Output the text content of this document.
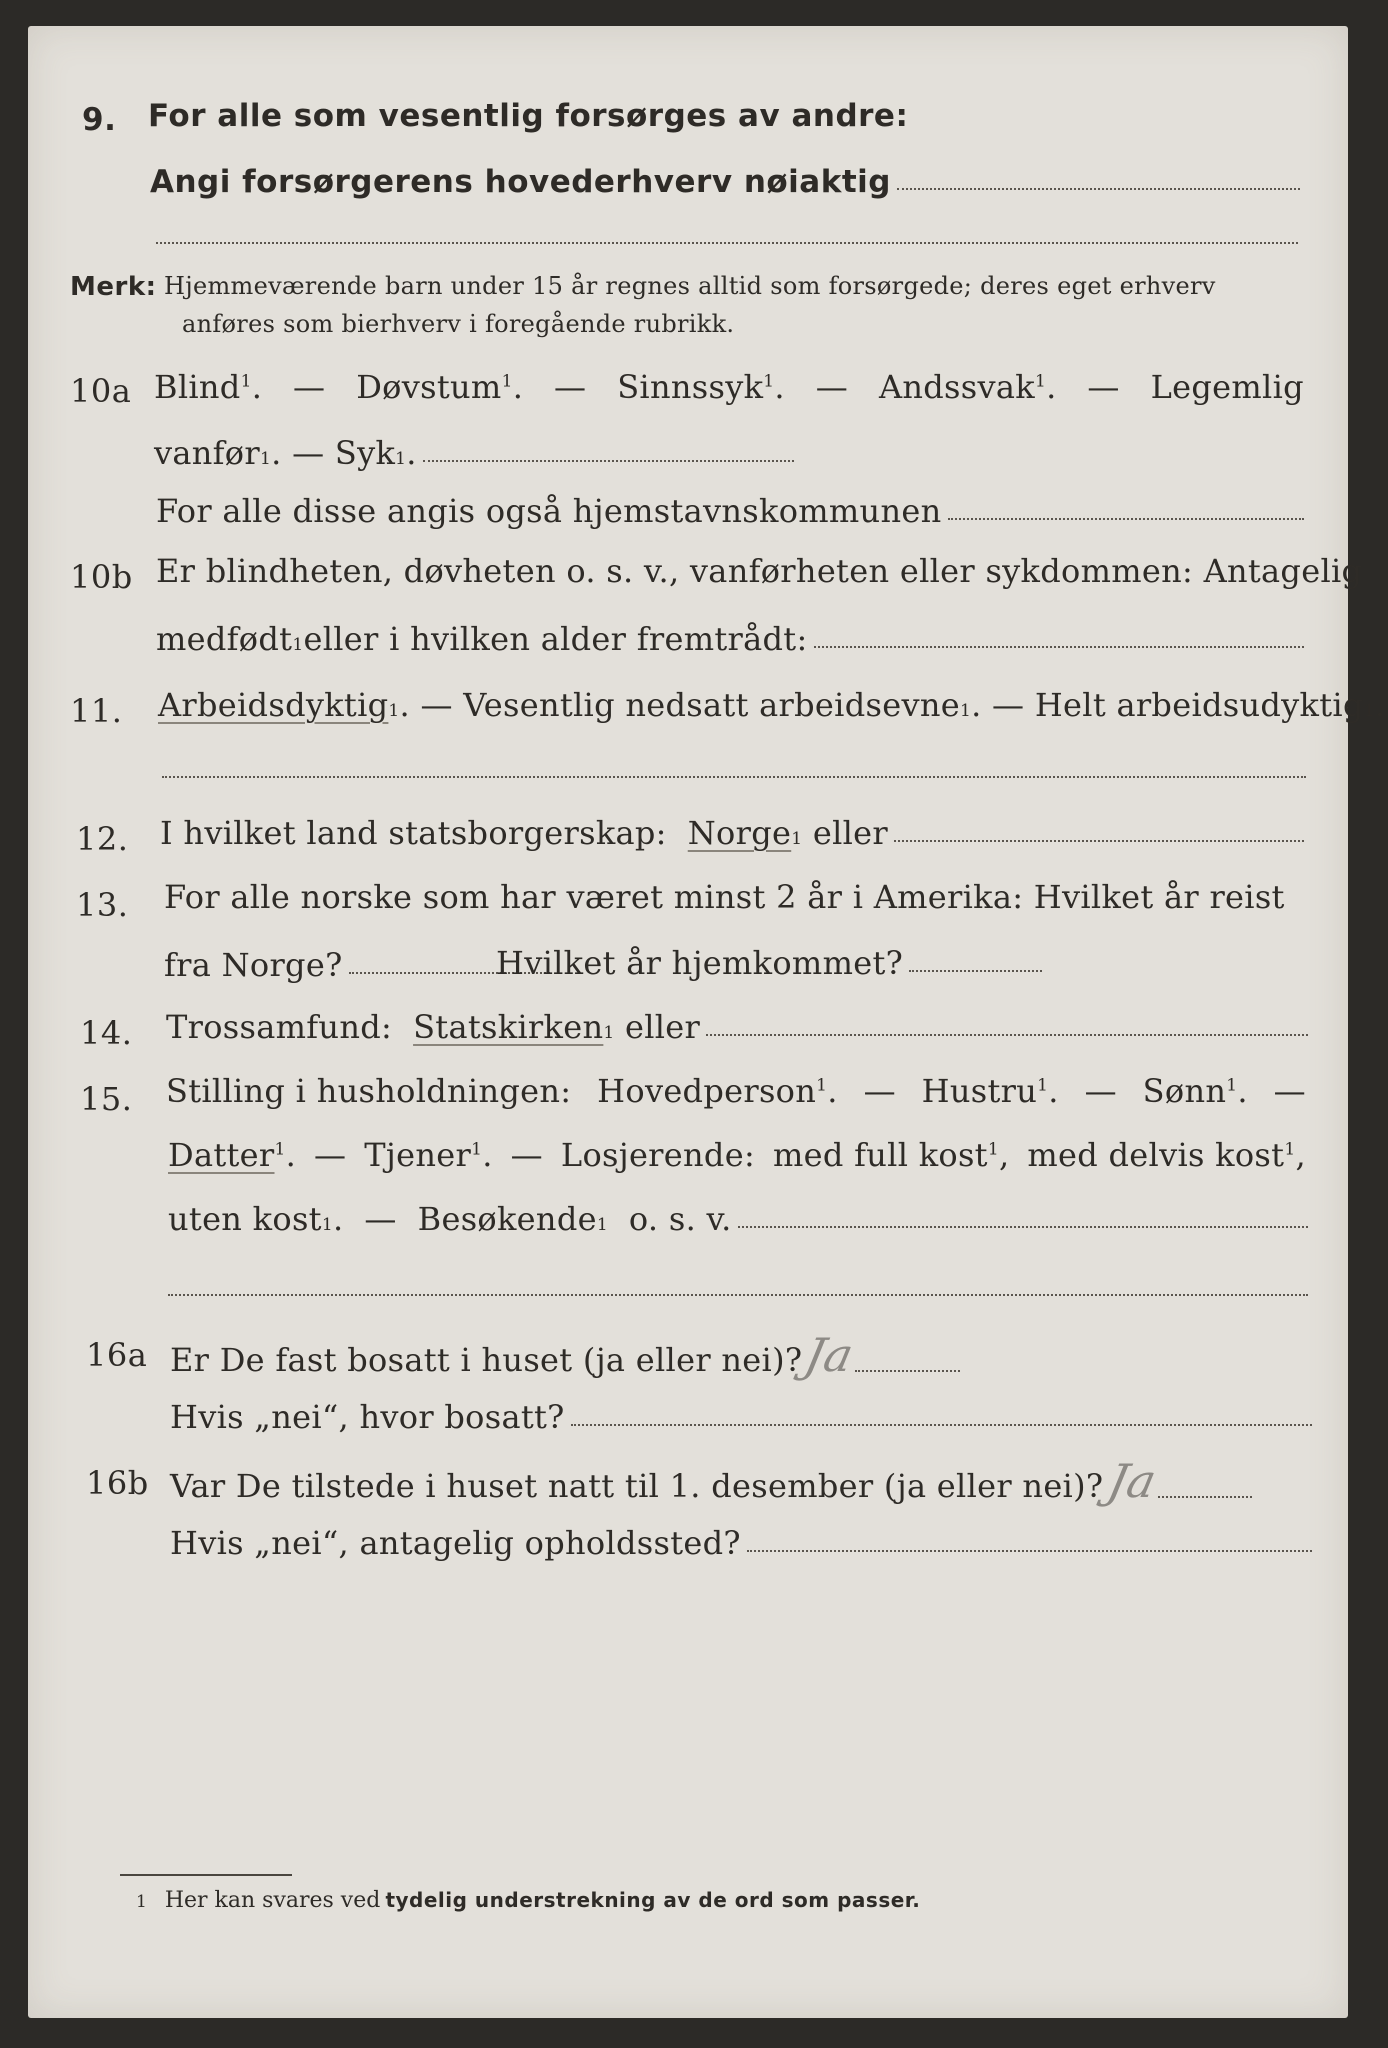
9. For alle som vesentlig forsørges av andre:
Angi forsørgerens hovederhverv nøiaktig
Merk: Hjemmeværende barn under 15 år regnes alltid som forsørgede; deres eget erhverv
anføres som bierhverv i foregående rubrikk.
10a Blind$^1$. — Døvstum$^1$. — Sinnssyk$^1$. — Andssvak$^1$. — Legemlig
vanfør 1 . —
Syk 1 .
For alle disse angis også hjemstavnskommunen
10b Er blindheten, døvheten o. s. v., vanførheten eller sykdommen: Antagelig
medfødt 1 eller i hvilken alder fremtrådt:
11. Arbeidsdyktig 1 . —
Vesentlig nedsatt arbeidsevne 1 . —
Helt arbeidsudyktig 1 .
12. I hvilket land statsborgerskap:
Norge 1
eller
13. For alle norske som har været minst 2 år i Amerika: Hvilket år reist
fra Norge?	Hvilket år hjemkommet?
14. Trossamfund:
Statskirken 1
eller
15. Stilling i husholdningen: Hovedperson$^1$. — Hustru$^1$. — Sønn$^1$. —
Datter$^1$. — Tjener$^1$. — Losjerende: med full kost$^1$, med delvis kost$^1$,
uten kost 1 . —
Besøkende 1
o. s. v.
16a Er De fast bosatt i huset (ja eller nei)?
Ja
Hvis „nei“, hvor bosatt?
16b Var De tilstede i huset natt til 1. desember (ja eller nei)? Ja
Hvis „nei“, antagelig opholdssted?
1 Her kan svares ved
tydelig understrekning av de ord som passer.
